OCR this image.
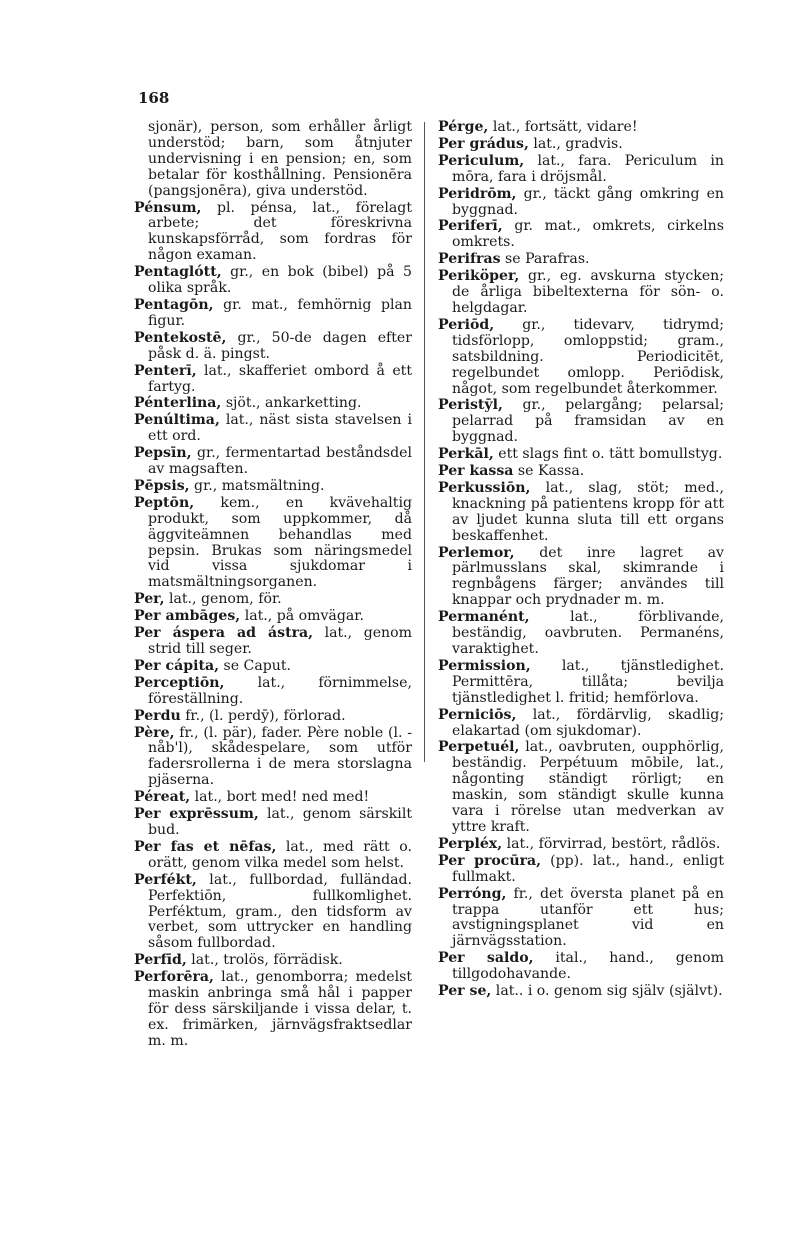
168

sjonär), person, som erhåller årligt understöd; barn, som åtnjuter undervisning i en pension; en, som betalar för kosthållning. Pensionēra (pangsjonēra), giva understöd.

Pénsum, pl. pénsa, lat., förelagt arbete; det föreskrivna kunskapsförråd, som fordras för någon examan.

Pentaglótt, gr., en bok (bibel) på 5 olika språk.

Pentagōn, gr. mat., femhörnig plan figur.

Pentekostē, gr., 50-de dagen efter påsk d. ä. pingst.

Penterī, lat., skafferiet ombord å ett fartyg.

Pénterlina, sjöt., ankarketting.

Penúltima, lat., näst sista stavelsen i ett ord.

Pepsīn, gr., fermentartad beståndsdel av magsaften.

Pēpsis, gr., matsmältning.

Peptōn, kem., en kvävehaltig produkt, som uppkommer, då äggviteämnen behandlas med pepsin. Brukas som näringsmedel vid vissa sjukdomar i matsmältningsorganen.

Per, lat., genom, för.

Per ambāges, lat., på omvägar.

Per áspera ad ástra, lat., genom strid till seger.

Per cápita, se Caput.

Perceptiōn, lat., förnimmelse, föreställning.

Perdu fr., (l. perdȳ), förlorad.

Père, fr., (l. pär), fader. Père noble (l. -nåb'l), skådespelare, som utför fadersrollerna i de mera storslagna pjäserna.

Péreat, lat., bort med! ned med!

Per exprēssum, lat., genom särskilt bud.

Per fas et nēfas, lat., med rätt o. orätt, genom vilka medel som helst.

Perfékt, lat., fullbordad, fulländad. Perfektiōn, fullkomlighet. Perféktum, gram., den tidsform av verbet, som uttrycker en handling såsom fullbordad.

Perfīd, lat., trolös, förrädisk.

Perforēra, lat., genomborra; medelst maskin anbringa små hål i papper för dess särskiljande i vissa delar, t. ex. frimärken, järnvägsfraktsedlar m. m.

Pérge, lat., fortsätt, vidare!

Per grádus, lat., gradvis.

Periculum, lat., fara. Periculum in mōra, fara i dröjsmål.

Peridrōm, gr., täckt gång omkring en byggnad.

Periferī, gr. mat., omkrets, cirkelns omkrets.

Perifras se Parafras.

Periköper, gr., eg. avskurna stycken; de årliga bibeltexterna för sön- o. helgdagar.

Periōd, gr., tidevarv, tidrymd; tidsförlopp, omloppstid; gram., satsbildning. Periodicitēt, regelbundet omlopp. Periōdisk, något, som regelbundet återkommer.

Peristȳl, gr., pelargång; pelarsal; pelarrad på framsidan av en byggnad.

Perkāl, ett slags fint o. tätt bomullstyg.

Per kassa se Kassa.

Perkussiōn, lat., slag, stöt; med., knackning på patientens kropp för att av ljudet kunna sluta till ett organs beskaffenhet.

Perlemor, det inre lagret av pärlmusslans skal, skimrande i regnbågens färger; användes till knappar och prydnader m. m.

Permanént, lat., förblivande, beständig, oavbruten. Permanéns, varaktighet.

Permission, lat., tjänstledighet. Permittēra, tillåta; bevilja tjänstledighet l. fritid; hemförlova.

Perniciōs, lat., fördärvlig, skadlig; elakartad (om sjukdomar).

Perpetuél, lat., oavbruten, oupphörlig, beständig. Perpétuum mōbile, lat., någonting ständigt rörligt; en maskin, som ständigt skulle kunna vara i rörelse utan medverkan av yttre kraft.

Perpléx, lat., förvirrad, bestört, rådlös.

Per procūra, (pp). lat., hand., enligt fullmakt.

Perróng, fr., det översta planet på en trappa utanför ett hus; avstigningsplanet vid en järnvägsstation.

Per saldo, ital., hand., genom tillgodohavande.

Per se, lat.. i o. genom sig själv (självt).
